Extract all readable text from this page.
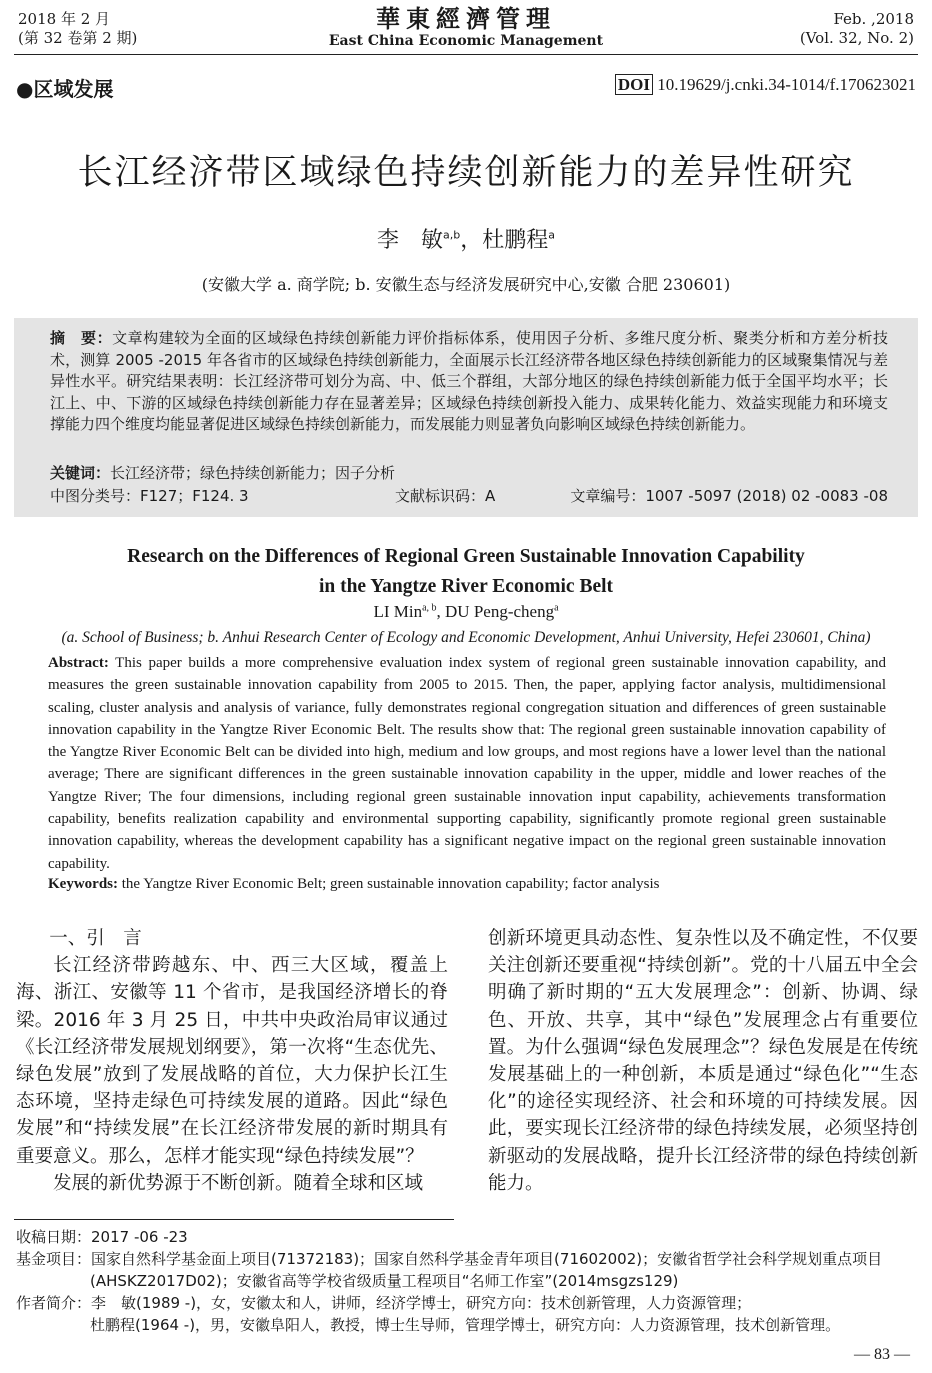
2018 年 2 月
(第 32 卷第 2 期)
華東經濟管理
East China Economic Management
Feb. ,2018
(Vol. 32, No. 2)
●区域发展	DOI 10.19629/j.cnki.34-1014/f.170623021
长江经济带区域绿色持续创新能力的差异性研究
李　敏$^{a,b}$，杜鹏程$^a$
(安徽大学 a. 商学院; b. 安徽生态与经济发展研究中心,安徽 合肥 230601)
摘　要：文章构建较为全面的区域绿色持续创新能力评价指标体系，使用因子分析、多维尺度分析、聚类分析和方差分析技术，测算 2005 -2015 年各省市的区域绿色持续创新能力，全面展示长江经济带各地区绿色持续创新能力的区域聚集情况与差异性水平。研究结果表明：长江经济带可划分为高、中、低三个群组，大部分地区的绿色持续创新能力低于全国平均水平；长江上、中、下游的区域绿色持续创新能力存在显著差异；区域绿色持续创新投入能力、成果转化能力、效益实现能力和环境支撑能力四个维度均能显著促进区域绿色持续创新能力，而发展能力则显著负向影响区域绿色持续创新能力。
关键词：长江经济带；绿色持续创新能力；因子分析
中图分类号：F127；F124. 3	文献标识码：A	文章编号：1007 -5097 (2018) 02 -0083 -08
Research on the Differences of Regional Green Sustainable Innovation Capability
in the Yangtze River Economic Belt
LI Min$^{a, b}$, DU Peng-cheng$^a$
(a. School of Business; b. Anhui Research Center of Ecology and Economic Development, Anhui University, Hefei 230601, China)
Abstract: This paper builds a more comprehensive evaluation index system of regional green sustainable innovation capability, and measures the green sustainable innovation capability from 2005 to 2015. Then, the paper, applying factor analysis, multidimensional scaling, cluster analysis and analysis of variance, fully demonstrates regional congregation situation and differences of green sustainable innovation capability in the Yangtze River Economic Belt. The results show that: The regional green sustainable innovation capability of the Yangtze River Economic Belt can be divided into high, medium and low groups, and most regions have a lower level than the national average; There are significant differences in the green sustainable innovation capability in the upper, middle and lower reaches of the Yangtze River; The four dimensions, including regional green sustainable innovation input capability, achievements transformation capability, benefits realization capability and environmental supporting capability, significantly promote regional green sustainable innovation capability, whereas the development capability has a significant negative impact on the regional green sustainable innovation capability.
Keywords: the Yangtze River Economic Belt; green sustainable innovation capability; factor analysis
一、引　言

长江经济带跨越东、中、西三大区域，覆盖上海、浙江、安徽等 11 个省市，是我国经济增长的脊梁。2016 年 3 月 25 日，中共中央政治局审议通过《长江经济带发展规划纲要》，第一次将“生态优先、绿色发展”放到了发展战略的首位，大力保护长江生态环境，坚持走绿色可持续发展的道路。因此“绿色发展”和“持续发展”在长江经济带发展的新时期具有重要意义。那么，怎样才能实现“绿色持续发展”？

发展的新优势源于不断创新。随着全球和区域

创新环境更具动态性、复杂性以及不确定性，不仅要关注创新还要重视“持续创新”。党的十八届五中全会明确了新时期的“五大发展理念”：创新、协调、绿色、开放、共享，其中“绿色”发展理念占有重要位置。为什么强调“绿色发展理念”？绿色发展是在传统发展基础上的一种创新，本质是通过“绿色化”“生态化”的途径实现经济、社会和环境的可持续发展。因此，要实现长江经济带的绿色持续发展，必须坚持创新驱动的发展战略，提升长江经济带的绿色持续创新能力。

收稿日期：2017 -06 -23
基金项目：国家自然科学基金面上项目(71372183)；国家自然科学基金青年项目(71602002)；安徽省哲学社会科学规划重点项目
(AHSKZ2017D02)；安徽省高等学校省级质量工程项目“名师工作室”(2014msgzs129)
作者简介：李　敏(1989 -)，女，安徽太和人，讲师，经济学博士，研究方向：技术创新管理，人力资源管理；
杜鹏程(1964 -)，男，安徽阜阳人，教授，博士生导师，管理学博士，研究方向：人力资源管理，技术创新管理。
— 83 —
